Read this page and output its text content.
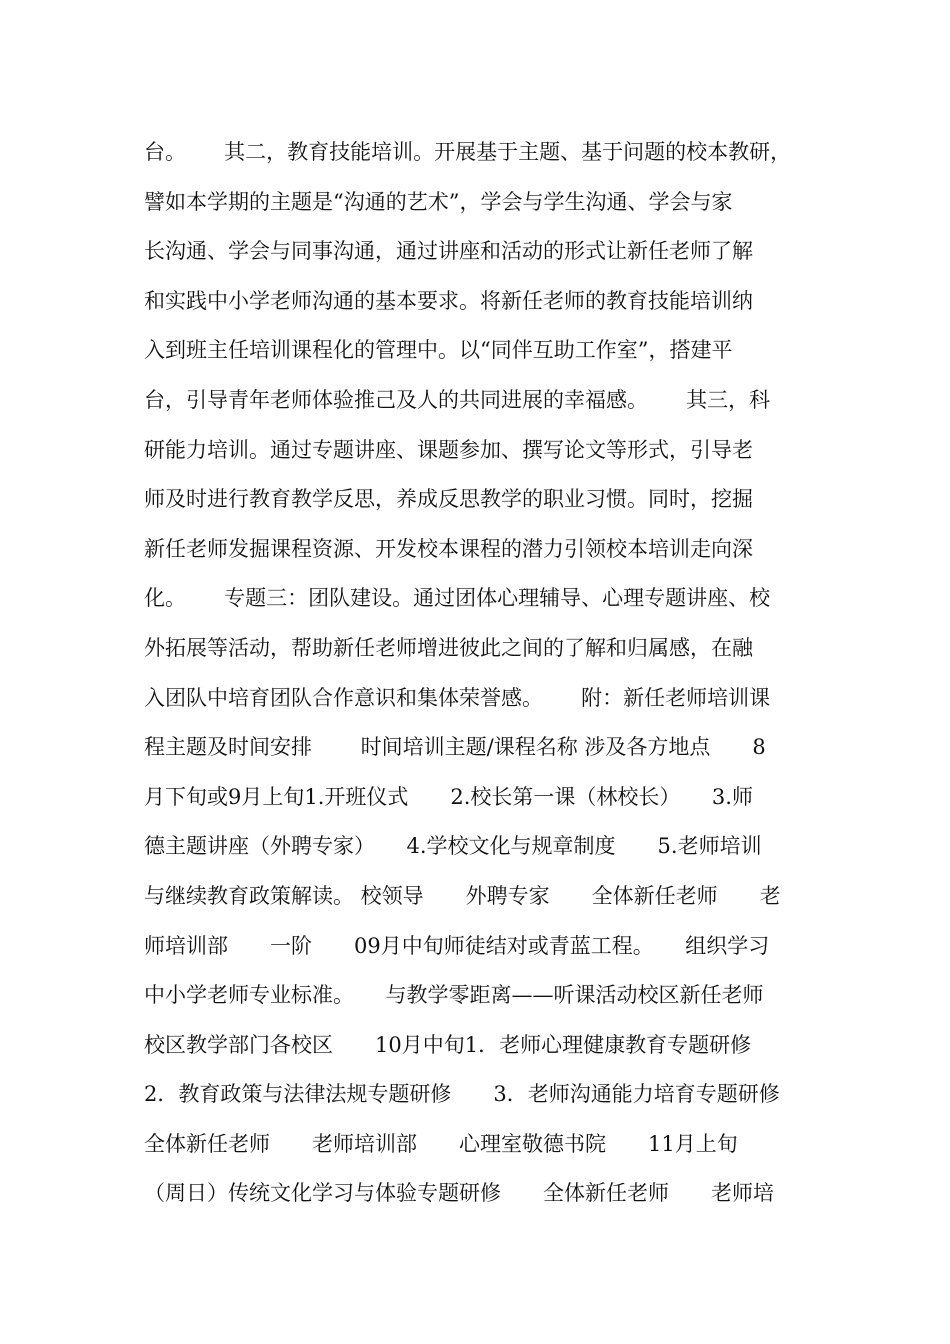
台。　　 其二，教育技能培训。开展基于主题、基于问题的校本教研，
譬如本学期的主题是“沟通的艺术”，学会与学生沟通、学会与家
长沟通、学会与同事沟通，通过讲座和活动的形式让新任老师了解
和实践中小学老师沟通的基本要求。将新任老师的教育技能培训纳
入到班主任培训课程化的管理中。以“同伴互助工作室”，搭建平
台，引导青年老师体验推己及人的共同进展的幸福感。　　 其三，科
研能力培训。通过专题讲座、课题参加、撰写论文等形式，引导老
师及时进行教育教学反思，养成反思教学的职业习惯。同时，挖掘
新任老师发掘课程资源、开发校本课程的潜力引领校本培训走向深
化。　　 专题三：团队建设。通过团体心理辅导、心理专题讲座、校
外拓展等活动，帮助新任老师增进彼此之间的了解和归属感，在融
入团队中培育团队合作意识和集体荣誉感。　　 附：新任老师培训课
程主题及时间安排　　 时间培训主题/课程名称 涉及各方地点　　8
月下旬或9月上旬1.开班仪式　　2.校长第一课（林校长）　　3.师
德主题讲座（外聘专家）　　4.学校文化与规章制度　　5.老师培训
与继续教育政策解读。 校领导　　外聘专家　　全体新任老师　　老
师培训部　　一阶　　09月中旬师徒结对或青蓝工程。　　组织学习
中小学老师专业标准。　　与教学零距离——听课活动校区新任老师
校区教学部门各校区　　10月中旬1．老师心理健康教育专题研修
2．教育政策与法律法规专题研修　　3．老师沟通能力培育专题研修
全体新任老师　　老师培训部　　心理室敬德书院　　11月上旬
（周日）传统文化学习与体验专题研修　　全体新任老师　　老师培
